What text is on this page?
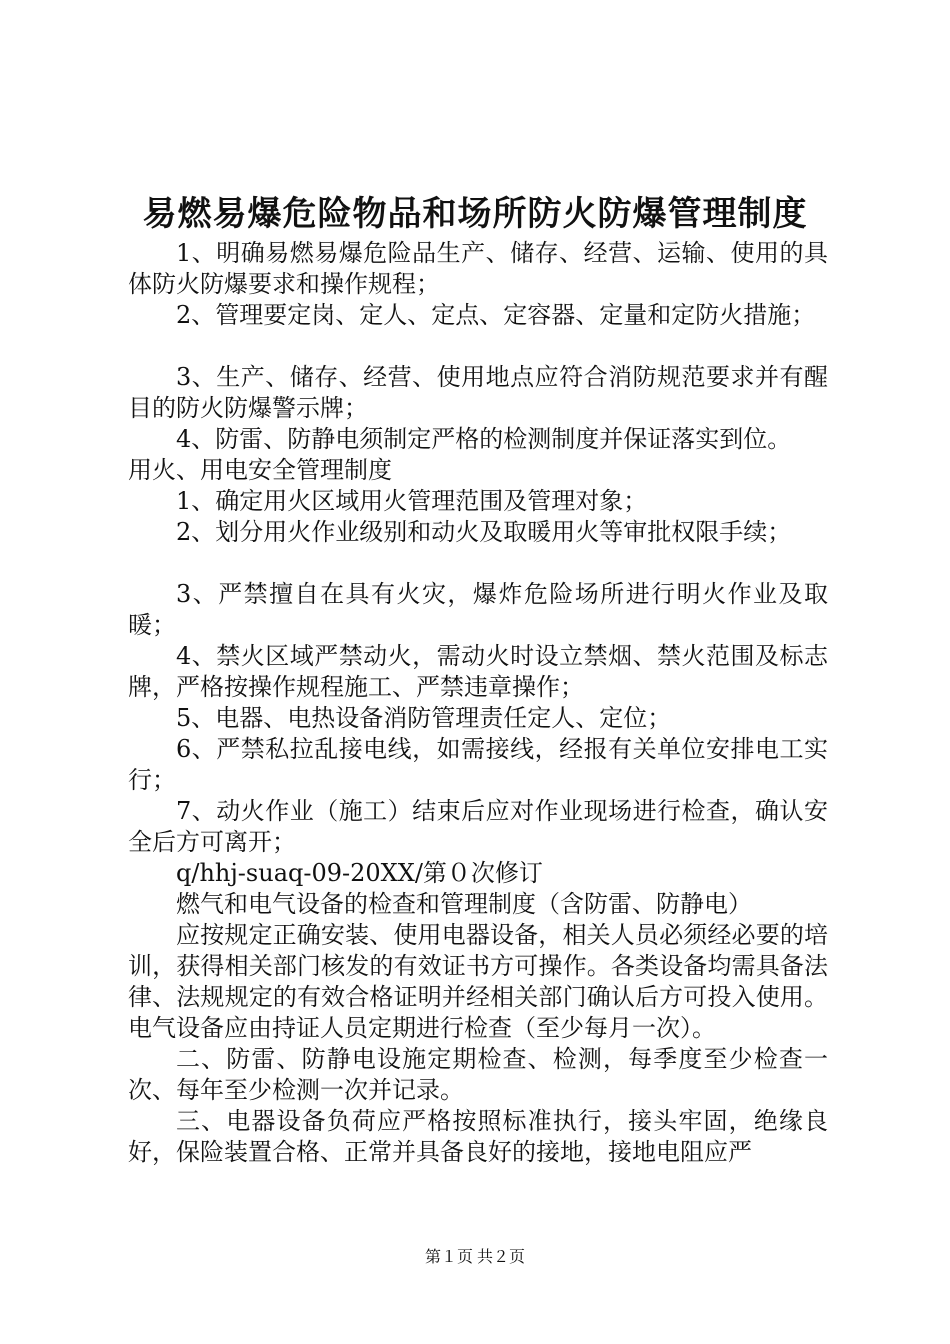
易燃易爆危险物品和场所防火防爆管理制度

1、明确易燃易爆危险品生产、储存、经营、运输、使用的具体防火防爆要求和操作规程；

2、管理要定岗、定人、定点、定容器、定量和定防火措施；

3、生产、储存、经营、使用地点应符合消防规范要求并有醒目的防火防爆警示牌；

4、防雷、防静电须制定严格的检测制度并保证落实到位。

用火、用电安全管理制度

1、确定用火区域用火管理范围及管理对象；

2、划分用火作业级别和动火及取暖用火等审批权限手续；

3、严禁擅自在具有火灾，爆炸危险场所进行明火作业及取暖；

4、禁火区域严禁动火，需动火时设立禁烟、禁火范围及标志牌，严格按操作规程施工、严禁违章操作；

5、电器、电热设备消防管理责任定人、定位；

6、严禁私拉乱接电线，如需接线，经报有关单位安排电工实行；

7、动火作业（施工）结束后应对作业现场进行检查，确认安全后方可离开；

q/hhj-suaq-09-20XX/第０次修订

燃气和电气设备的检查和管理制度（含防雷、防静电）

应按规定正确安装、使用电器设备，相关人员必须经必要的培训，获得相关部门核发的有效证书方可操作。各类设备均需具备法律、法规规定的有效合格证明并经相关部门确认后方可投入使用。电气设备应由持证人员定期进行检查（至少每月一次）。

二、防雷、防静电设施定期检查、检测，每季度至少检查一次、每年至少检测一次并记录。

三、电器设备负荷应严格按照标准执行，接头牢固，绝缘良好，保险装置合格、正常并具备良好的接地，接地电阻应严

第１页 共２页
